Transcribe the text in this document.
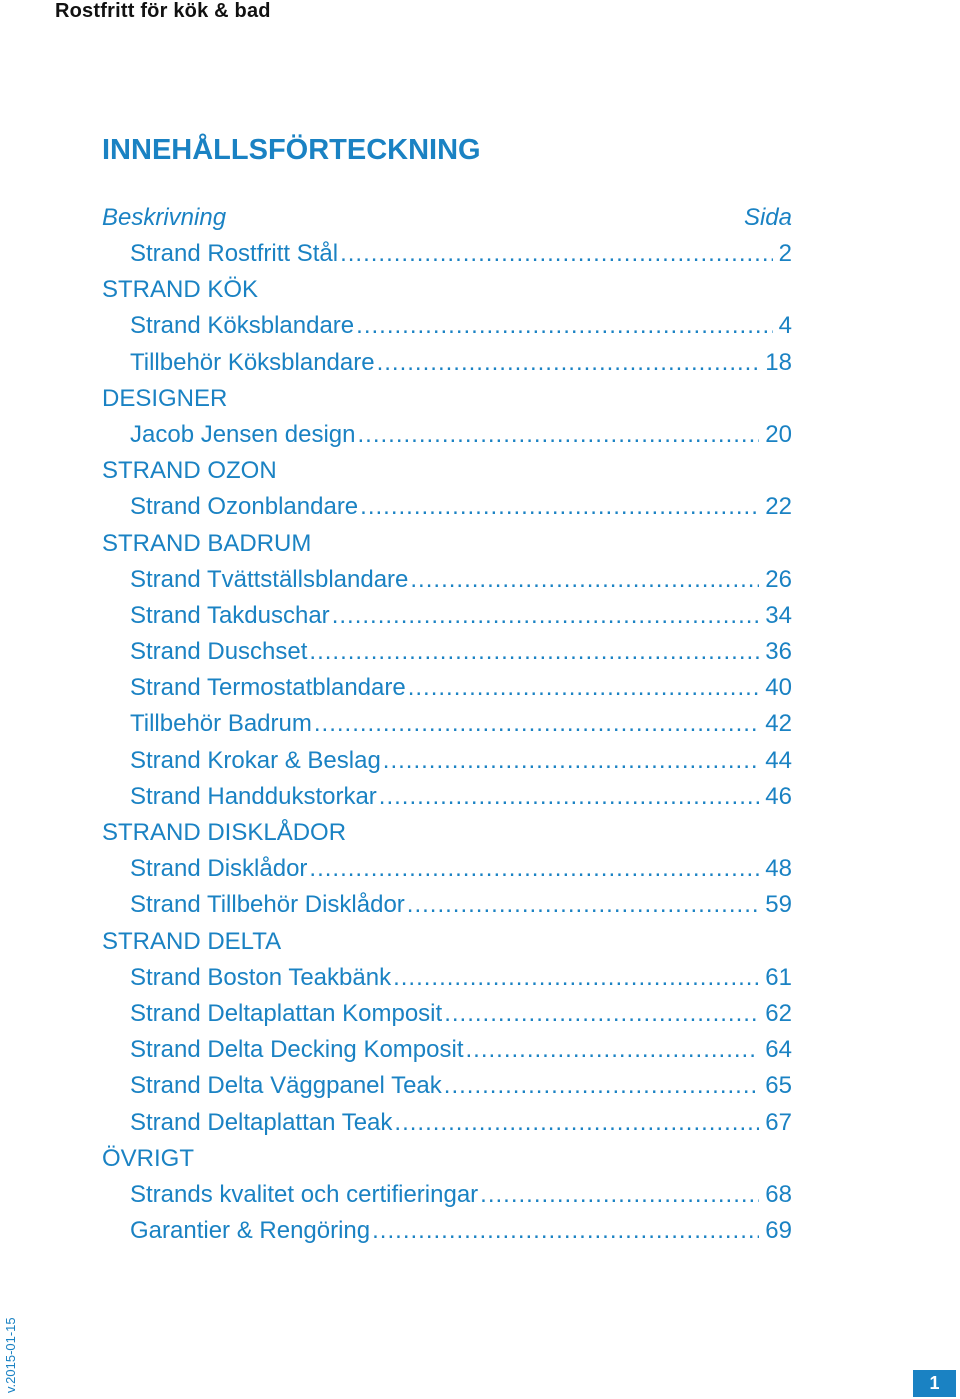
Rostfritt för kök & bad
INNEHÅLLSFÖRTECKNING
Beskrivning	Sida
Strand Rostfritt Stål .....	2
STRAND KÖK
Strand Köksblandare .....	4
Tillbehör Köksblandare .....	18
DESIGNER
Jacob Jensen design .....	20
STRAND OZON
Strand Ozonblandare .....	22
STRAND BADRUM
Strand Tvättställsblandare .....	26
Strand Takduschar .....	34
Strand Duschset .....	36
Strand Termostatblandare .....	40
Tillbehör Badrum .....	42
Strand Krokar & Beslag .....	44
Strand Handdukstorkar .....	46
STRAND DISKLÅDOR
Strand Disklådor .....	48
Strand Tillbehör Disklådor .....	59
STRAND DELTA
Strand Boston Teakbänk .....	61
Strand Deltaplattan Komposit .....	62
Strand Delta Decking Komposit .....	64
Strand Delta Väggpanel Teak .....	65
Strand Deltaplattan Teak .....	67
ÖVRIGT
Strands kvalitet och certifieringar .....	68
Garantier & Rengöring .....	69
v.2015-01-15	1
